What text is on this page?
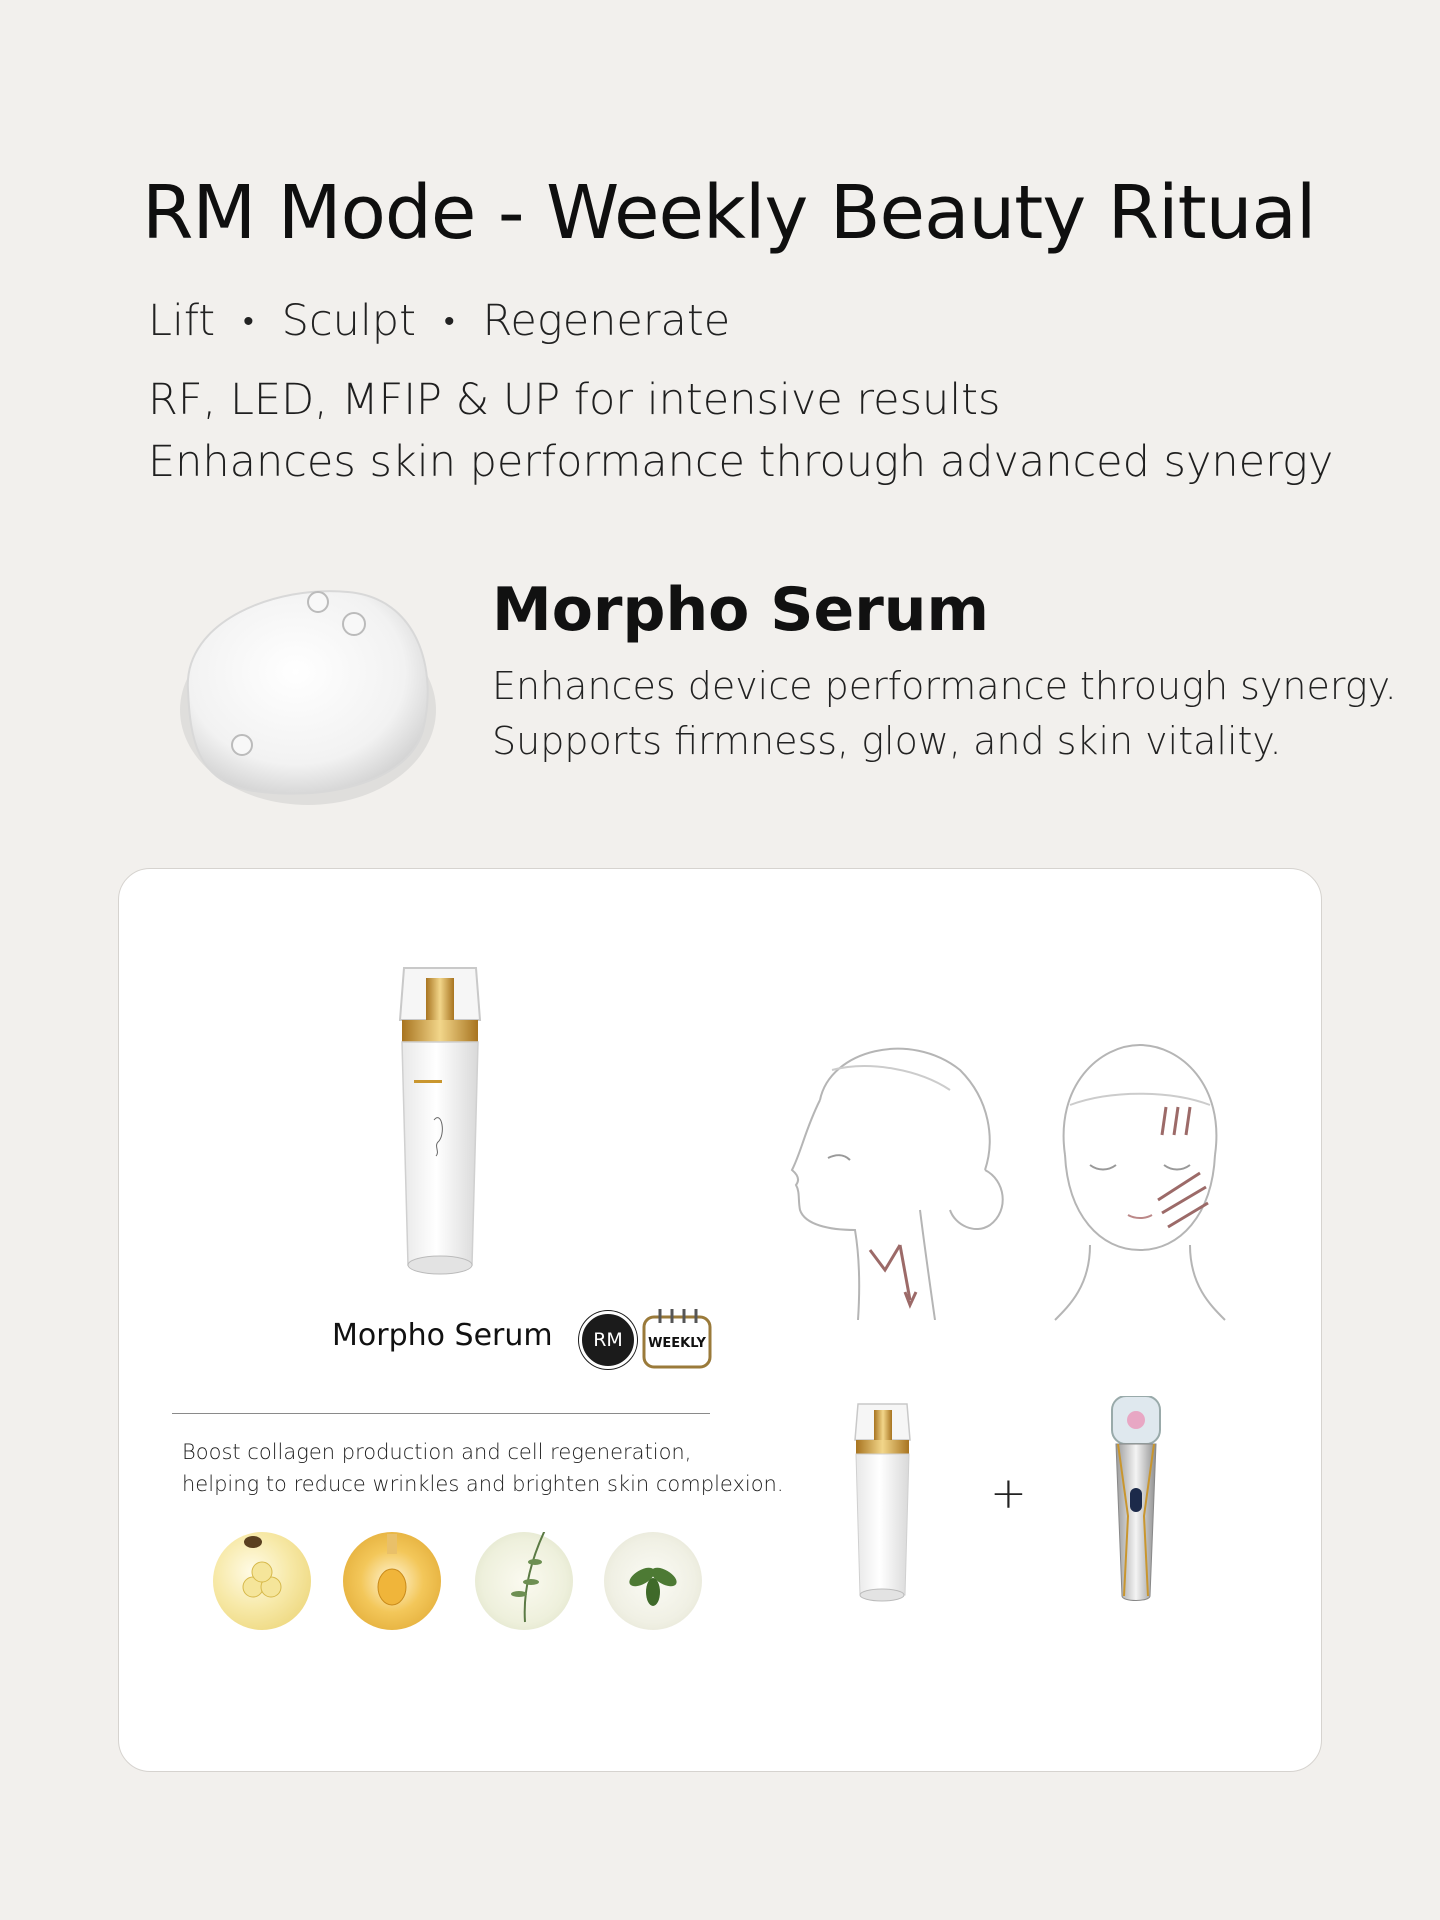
RM Mode - Weekly Beauty Ritual
Lift • Sculpt • Regenerate

RF, LED, MFIP & UP for intensive results

Enhances skin performance through advanced synergy

Morpho Serum

Enhances device performance through synergy.

Supports firmness, glow, and skin vitality.

Morpho Serum	RM	WEEKLY

Boost collagen production and cell regeneration,

helping to reduce wrinkles and brighten skin complexion.	+
